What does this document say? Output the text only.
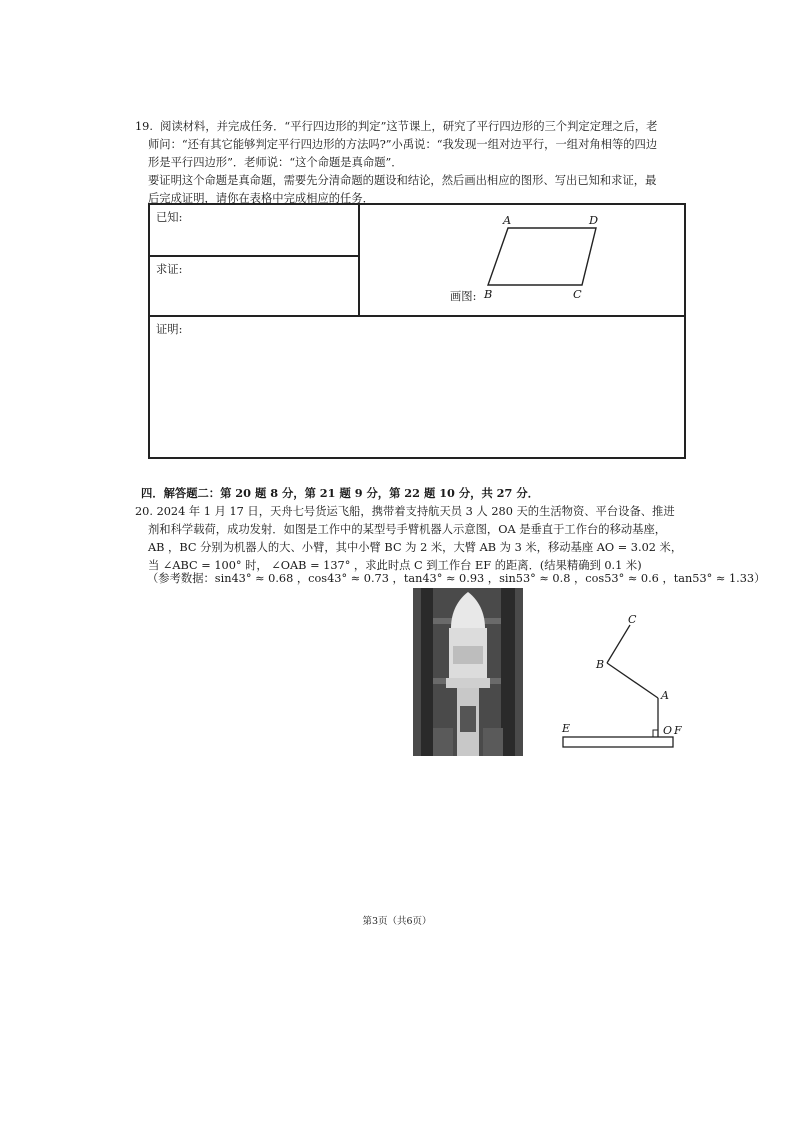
19. 阅读材料，并完成任务．“平行四边形的判定”这节课上，研究了平行四边形的三个判定定理之后，老

师问：“还有其它能够判定平行四边形的方法吗?”小禹说：“我发现一组对边平行，一组对角相等的四边

形是平行四边形”．老师说：“这个命题是真命题”．

要证明这个命题是真命题，需要先分清命题的题设和结论，然后画出相应的图形、写出已知和求证，最

后完成证明，请你在表格中完成相应的任务．

已知:
求证:
A	D
画图: B	C
证明:
四．解答题二：第 20 题 8 分，第 21 题 9 分，第 22 题 10 分，共 27 分．

20. 2024 年 1 月 17 日，天舟七号货运飞船，携带着支持航天员 3 人 280 天的生活物资、平台设备、推进

剂和科学载荷，成功发射．如图是工作中的某型号手臂机器人示意图，OA 是垂直于工作台的移动基座，

AB ，BC 分别为机器人的大、小臂，其中小臂 BC 为 2 米，大臂 AB 为 3 米，移动基座 AO = 3.02 米，

当 ∠ABC = 100° 时， ∠OAB = 137° ，求此时点 C 到工作台 EF 的距离．(结果精确到 0.1 米)

（参考数据：sin43° ≈ 0.68 ，cos43° ≈ 0.73 ，tan43° ≈ 0.93 ，sin53° ≈ 0.8 ，cos53° ≈ 0.6 ，tan53° ≈ 1.33）
C
B
A
E	O F
第3页（共6页）
